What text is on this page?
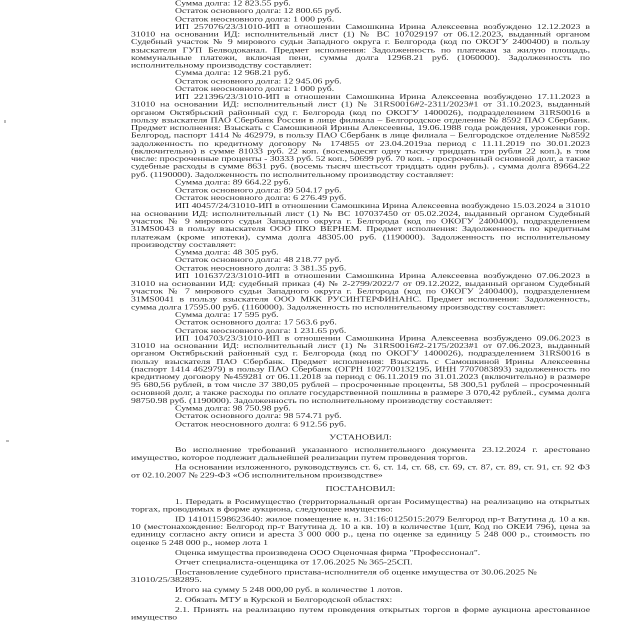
Сумма долга: 12 823.55 руб.

Остаток основного долга: 12 800.65 руб.

Остаток неосновного долга: 1 000 руб.

ИП 257076/23/31010-ИП в отношении Самошкина Ирина Алексеевна возбуждено 12.12.2023 в 31010 на основании ИД: исполнительный лист (1) № ВС 107029197 от 06.12.2023, выданный органом Судебный участок № 9 мирового судьи Западного округа г. Белгорода (код по ОКОГУ 2400400) в пользу взыскателя ГУП Белводоканал. Предмет исполнения: Задолженность по платежам за жилую площадь, коммунальные платежи, включая пени, суммы долга 12968.21 руб. (1060000). Задолженность по исполнительному производству составляет:

Сумма долга: 12 968.21 руб.

Остаток основного долга: 12 945.06 руб.

Остаток неосновного долга: 1 000 руб.

ИП 221396/23/31010-ИП в отношении Самошкина Ирина Алексеевна возбуждено 17.11.2023 в 31010 на основании ИД: исполнительный лист (1) № 31RS0016#2-2311/2023#1 от 31.10.2023, выданный органом Октябрьский районный суд г. Белгорода (код по ОКОГУ 1400026), подразделением 31RS0016 в пользу взыскателя ПАО Сбербанк России в лице филиала – Белгородское отделение № 8592 ПАО Сбербанк. Предмет исполнения: Взыскать с Самошкиной Ирины Алексеевны, 19.06.1988 года рождения, уроженки гор. Белгород, паспорт 1414 № 462979, в пользу ПАО Сбербанк в лице филиала – Белгородское отделение №8592 задолженность по кредитному договору № 174855 от 23.04.2019за период с 11.11.2019 по 30.01.2023 (включительно) в сумме 81033 руб. 22 коп. (восемьдесят одну тысячу тридцать три рубля 22 коп.), в том числе: просроченные проценты - 30333 руб. 52 коп., 50699 руб. 70 коп. - просроченный основной долг, а также судебные расходы в сумме 8631 руб. (восемь тысяч шестьсот тридцать один рубль). , сумма долга 89664.22 руб. (1190000). Задолженность по исполнительному производству составляет:

Сумма долга: 89 664.22 руб.

Остаток основного долга: 89 504.17 руб.

Остаток неосновного долга: 6 276.49 руб.

ИП 40457/24/31010-ИП в отношении Самошкина Ирина Алексеевна возбуждено 15.03.2024 в 31010 на основании ИД: исполнительный лист (1) № ВС 107037450 от 05.02.2024, выданный органом Судебный участок № 9 мирового судьи Западного округа г. Белгорода (код по ОКОГУ 2400400), подразделением 31MS0043 в пользу взыскателя ООО ПКО ВЕРНЕМ. Предмет исполнения: Задолженность по кредитным платежам (кроме ипотеки), сумма долга 48305.00 руб. (1190000). Задолженность по исполнительному производству составляет:

Сумма долга: 48 305 руб.

Остаток основного долга: 48 218.77 руб.

Остаток неосновного долга: 3 381.35 руб.

ИП 101637/23/31010-ИП в отношении Самошкина Ирина Алексеевна возбуждено 07.06.2023 в 31010 на основании ИД: судебный приказ (4) № 2-2799/2022/7 от 09.12.2022, выданный органом Судебный участок № 7 мирового судьи Западного округа г. Белгорода (код по ОКОГУ 2400400), подразделением 31MS0041 в пользу взыскателя ООО МКК РУСИНТЕРФИНАНС. Предмет исполнения: Задолженность, сумма долга 17595.00 руб. (1160000). Задолженность по исполнительному производству составляет:

Сумма долга: 17 595 руб.

Остаток основного долга: 17 563.6 руб.

Остаток неосновного долга: 1 231.65 руб.

ИП 104703/23/31010-ИП в отношении Самошкина Ирина Алексеевна возбуждено 09.06.2023 в 31010 на основании ИД: исполнительный лист (1) № 31RS0016#2-2175/2023#1 от 07.06.2023, выданный органом Октябрьский районный суд г. Белгорода (код по ОКОГУ 1400026), подразделением 31RS0016 в пользу взыскателя ПАО Сбербанк. Предмет исполнения: Взыскать с Самошкиной Ирины Алексеевны (паспорт 1414 462979) в пользу ПАО Сбербанк (ОГРН 1027700132195, ИНН 7707083893) задолженность по кредитному договору №459281 от 06.11.2018 за период с 06.11.2019 по 31.01.2023 (включительно) в размере 95 680,56 рублей, в том числе 37 380,05 рублей – просроченные проценты, 58 300,51 рублей – просроченный основной долг, а также расходы по оплате государственной пошлины в размере 3 070,42 рублей., сумма долга 98750.98 руб. (1190000). Задолженность по исполнительному производству составляет:

Сумма долга: 98 750.98 руб.

Остаток основного долга: 98 574.71 руб.

Остаток неосновного долга: 6 912.56 руб.

УСТАНОВИЛ:

Во исполнение требований указанного исполнительного документа 23.12.2024 г. арестовано имущество, которое подлежит дальнейшей реализации путем проведения торгов.

На основании изложенного, руководствуясь ст. 6, ст. 14, ст. 68, ст. 69, ст. 87, ст. 89, ст. 91, ст. 92 ФЗ от 02.10.2007 № 229-ФЗ «Об исполнительном производстве»

ПОСТАНОВИЛ:

1. Передать в Росимущество (территориальный орган Росимущества) на реализацию на открытых торгах, проводимых в форме аукциона, следующее имущество:

ID 141011598623640: жилое помещение к. н. 31:16:0125015:2079 Белгород пр-т Ватутина д. 10 а кв. 10 (местонахождение: Белгород пр-т Ватутина д. 10 а кв. 10) в количестве 1(шт, Код по ОКЕИ 796), цена за единицу согласно акту описи и ареста 3 000 000 р., цена по оценке за единицу 5 248 000 р., стоимость по оценке 5 248 000 р., номер лота 1

Оценка имущества произведена ООО Оценочная фирма "Профессионал".

Отчет специалиста-оценщика от 17.06.2025 № 365-25СП.

Постановление судебного пристава-исполнителя об оценке имущества от 30.06.2025 № 31010/25/382895.

Итого на сумму 5 248 000,00 руб. в количестве 1 лотов.

2. Обязать МТУ в Курской и Белгородской областях:

2.1. Принять на реализацию путем проведения открытых торгов в форме аукциона арестованное имущество
